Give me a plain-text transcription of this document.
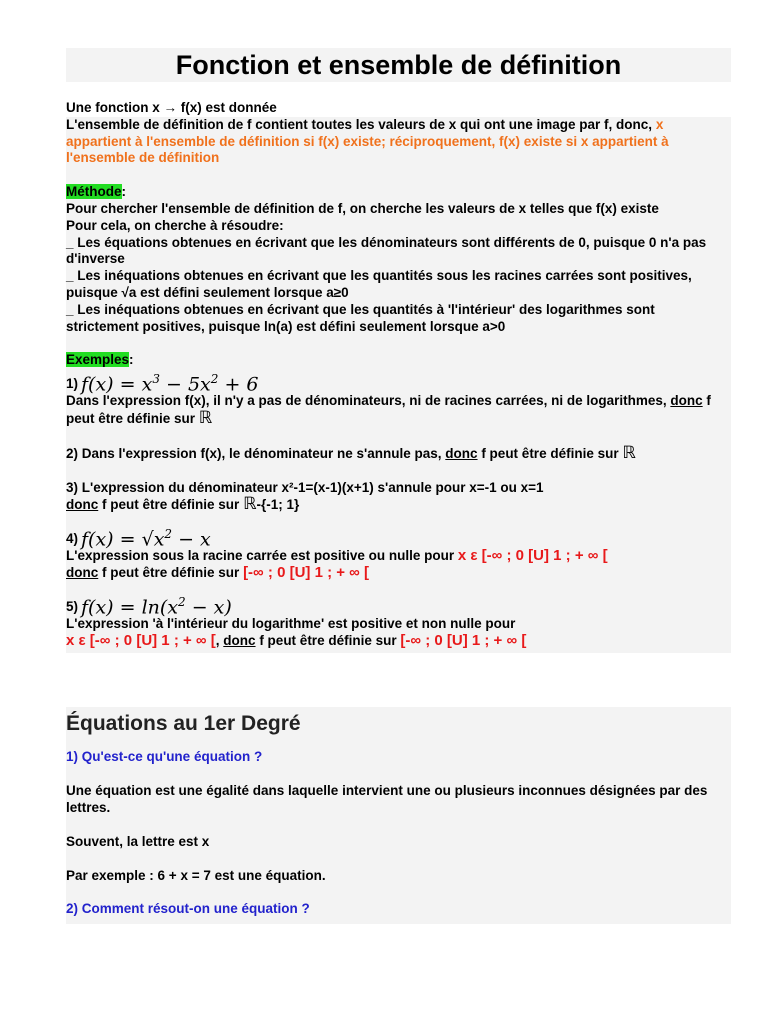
Fonction et ensemble de définition
Une fonction x → f(x) est donnée
L'ensemble de définition de f contient toutes les valeurs de x qui ont une image par f, donc, x appartient à l'ensemble de définition si f(x) existe; réciproquement, f(x) existe si x appartient à l'ensemble de définition
Méthode:
Pour chercher l'ensemble de définition de f, on cherche les valeurs de x telles que f(x) existe
Pour cela, on cherche à résoudre:
_ Les équations obtenues en écrivant que les dénominateurs sont différents de 0, puisque 0 n'a pas d'inverse
_ Les inéquations obtenues en écrivant que les quantités sous les racines carrées sont positives, puisque √a est défini seulement lorsque a≥0
_ Les inéquations obtenues en écrivant que les quantités à 'l'intérieur' des logarithmes sont strictement positives, puisque ln(a) est défini seulement lorsque a>0
Exemples:
1) $f(x) = x^3 - 5x^2 + 6$
Dans l'expression f(x), il n'y a pas de dénominateurs, ni de racines carrées, ni de logarithmes, donc f peut être définie sur ℝ
2) Dans l'expression f(x), le dénominateur ne s'annule pas, donc f peut être définie sur ℝ
3) L'expression du dénominateur x²-1=(x-1)(x+1) s'annule pour x=-1 ou x=1
donc f peut être définie sur ℝ-{-1; 1}
4) $f(x) = √x^2 - x$
L'expression sous la racine carrée est positive ou nulle pour x ε [-∞ ; 0 [U] 1 ; + ∞ [
donc f peut être définie sur [-∞ ; 0 [U] 1 ; + ∞ [
5) $f(x) = \ln(x^2 - x)$
L'expression 'à l'intérieur du logarithme' est positive et non nulle pour
x ε [-∞ ; 0 [U] 1 ; + ∞ [, donc f peut être définie sur [-∞ ; 0 [U] 1 ; + ∞ [
Équations au 1er Degré
1) Qu'est-ce qu'une équation ?
Une équation est une égalité dans laquelle intervient une ou plusieurs inconnues désignées par des lettres.
Souvent, la lettre est x
Par exemple : 6 + x = 7 est une équation.
2) Comment résout-on une équation ?
